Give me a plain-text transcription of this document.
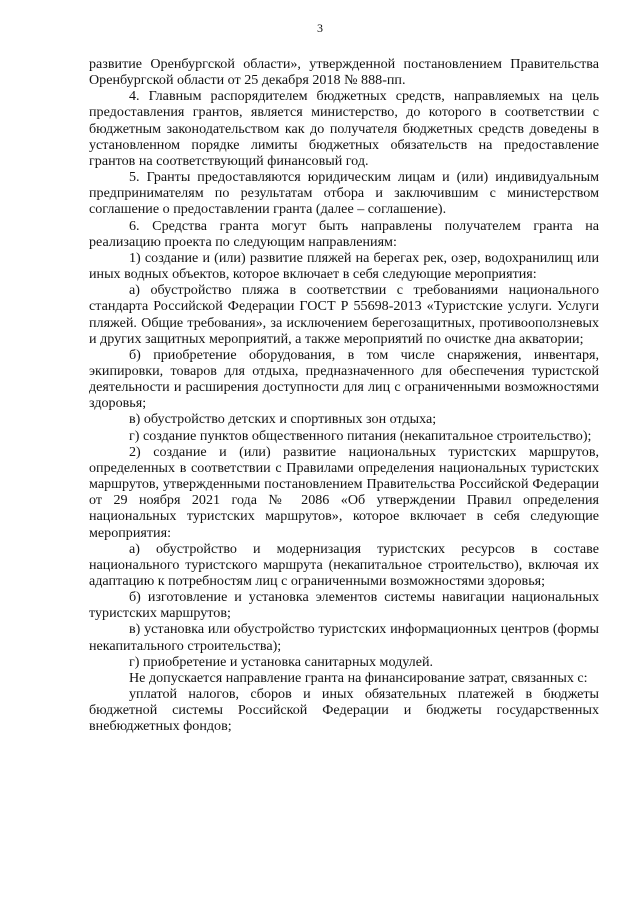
3

развитие Оренбургской области», утвержденной постановлением Правительства Оренбургской области от 25 декабря 2018 № 888-пп.

4. Главным распорядителем бюджетных средств, направляемых на цель предоставления грантов, является министерство, до которого в соответствии с бюджетным законодательством как до получателя бюджетных средств доведены в установленном порядке лимиты бюджетных обязательств на предоставление грантов на соответствующий финансовый год.

5. Гранты предоставляются юридическим лицам и (или) индивидуальным предпринимателям по результатам отбора и заключившим с министерством соглашение о предоставлении гранта (далее – соглашение).

6. Средства гранта могут быть направлены получателем гранта на реализацию проекта по следующим направлениям:

1) создание и (или) развитие пляжей на берегах рек, озер, водохранилищ или иных водных объектов, которое включает в себя следующие мероприятия:

а) обустройство пляжа в соответствии с требованиями национального стандарта Российской Федерации ГОСТ Р 55698-2013 «Туристские услуги. Услуги пляжей. Общие требования», за исключением берегозащитных, противооползневых и других защитных мероприятий, а также мероприятий по очистке дна акватории;

б) приобретение оборудования, в том числе снаряжения, инвентаря, экипировки, товаров для отдыха, предназначенного для обеспечения туристской деятельности и расширения доступности для лиц с ограниченными возможностями здоровья;

в) обустройство детских и спортивных зон отдыха;

г) создание пунктов общественного питания (некапитальное строительство);

2) создание и (или) развитие национальных туристских маршрутов, определенных в соответствии с Правилами определения национальных туристских маршрутов, утвержденными постановлением Правительства Российской Федерации от 29 ноября 2021 года № 2086 «Об утверждении Правил определения национальных туристских маршрутов», которое включает в себя следующие мероприятия:

а) обустройство и модернизация туристских ресурсов в составе национального туристского маршрута (некапитальное строительство), включая их адаптацию к потребностям лиц с ограниченными возможностями здоровья;

б) изготовление и установка элементов системы навигации национальных туристских маршрутов;

в) установка или обустройство туристских информационных центров (формы некапитального строительства);

г) приобретение и установка санитарных модулей.

Не допускается направление гранта на финансирование затрат, связанных с:

уплатой налогов, сборов и иных обязательных платежей в бюджеты бюджетной системы Российской Федерации и бюджеты государственных внебюджетных фондов;
